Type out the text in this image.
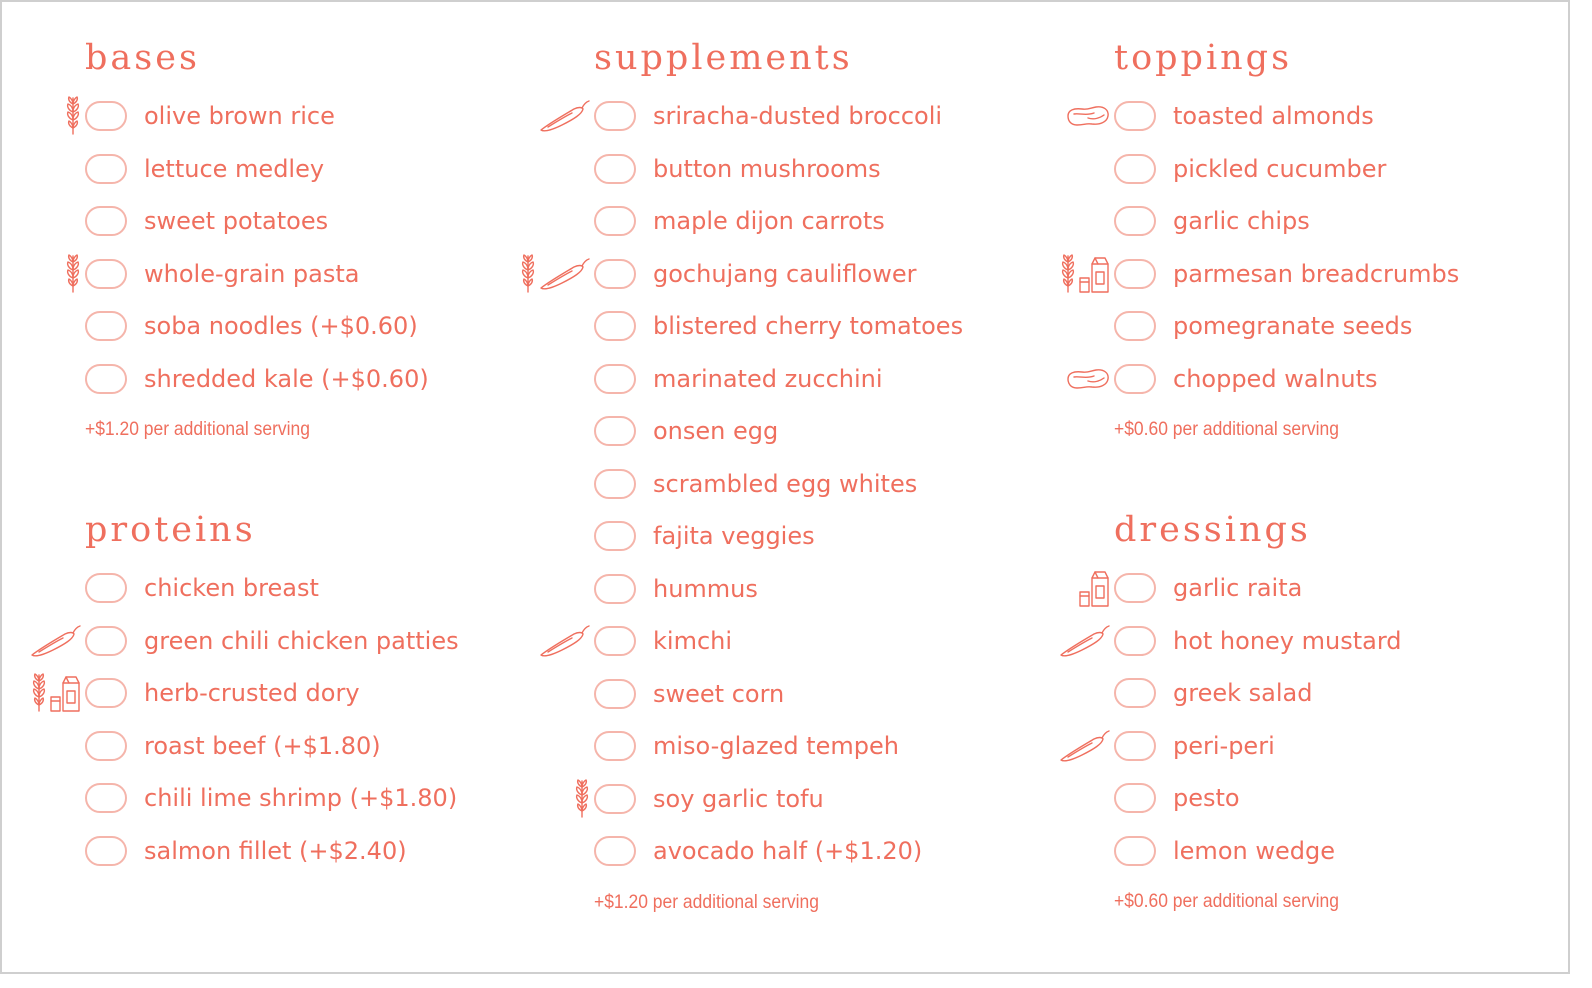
bases
olive brown rice
lettuce medley
sweet potatoes
whole-grain pasta
soba noodles (+$0.60)
shredded kale (+$0.60)
+$1.20 per additional serving
proteins
chicken breast
green chili chicken patties
herb-crusted dory
roast beef (+$1.80)
chili lime shrimp (+$1.80)
salmon fillet (+$2.40)
supplements
sriracha-dusted broccoli
button mushrooms
maple dijon carrots
gochujang cauliflower
blistered cherry tomatoes
marinated zucchini
onsen egg
scrambled egg whites
fajita veggies
hummus
kimchi
sweet corn
miso-glazed tempeh
soy garlic tofu
avocado half (+$1.20)
+$1.20 per additional serving
toppings
toasted almonds
pickled cucumber
garlic chips
parmesan breadcrumbs
pomegranate seeds
chopped walnuts
+$0.60 per additional serving
dressings
garlic raita
hot honey mustard
greek salad
peri-peri
pesto
lemon wedge
+$0.60 per additional serving
